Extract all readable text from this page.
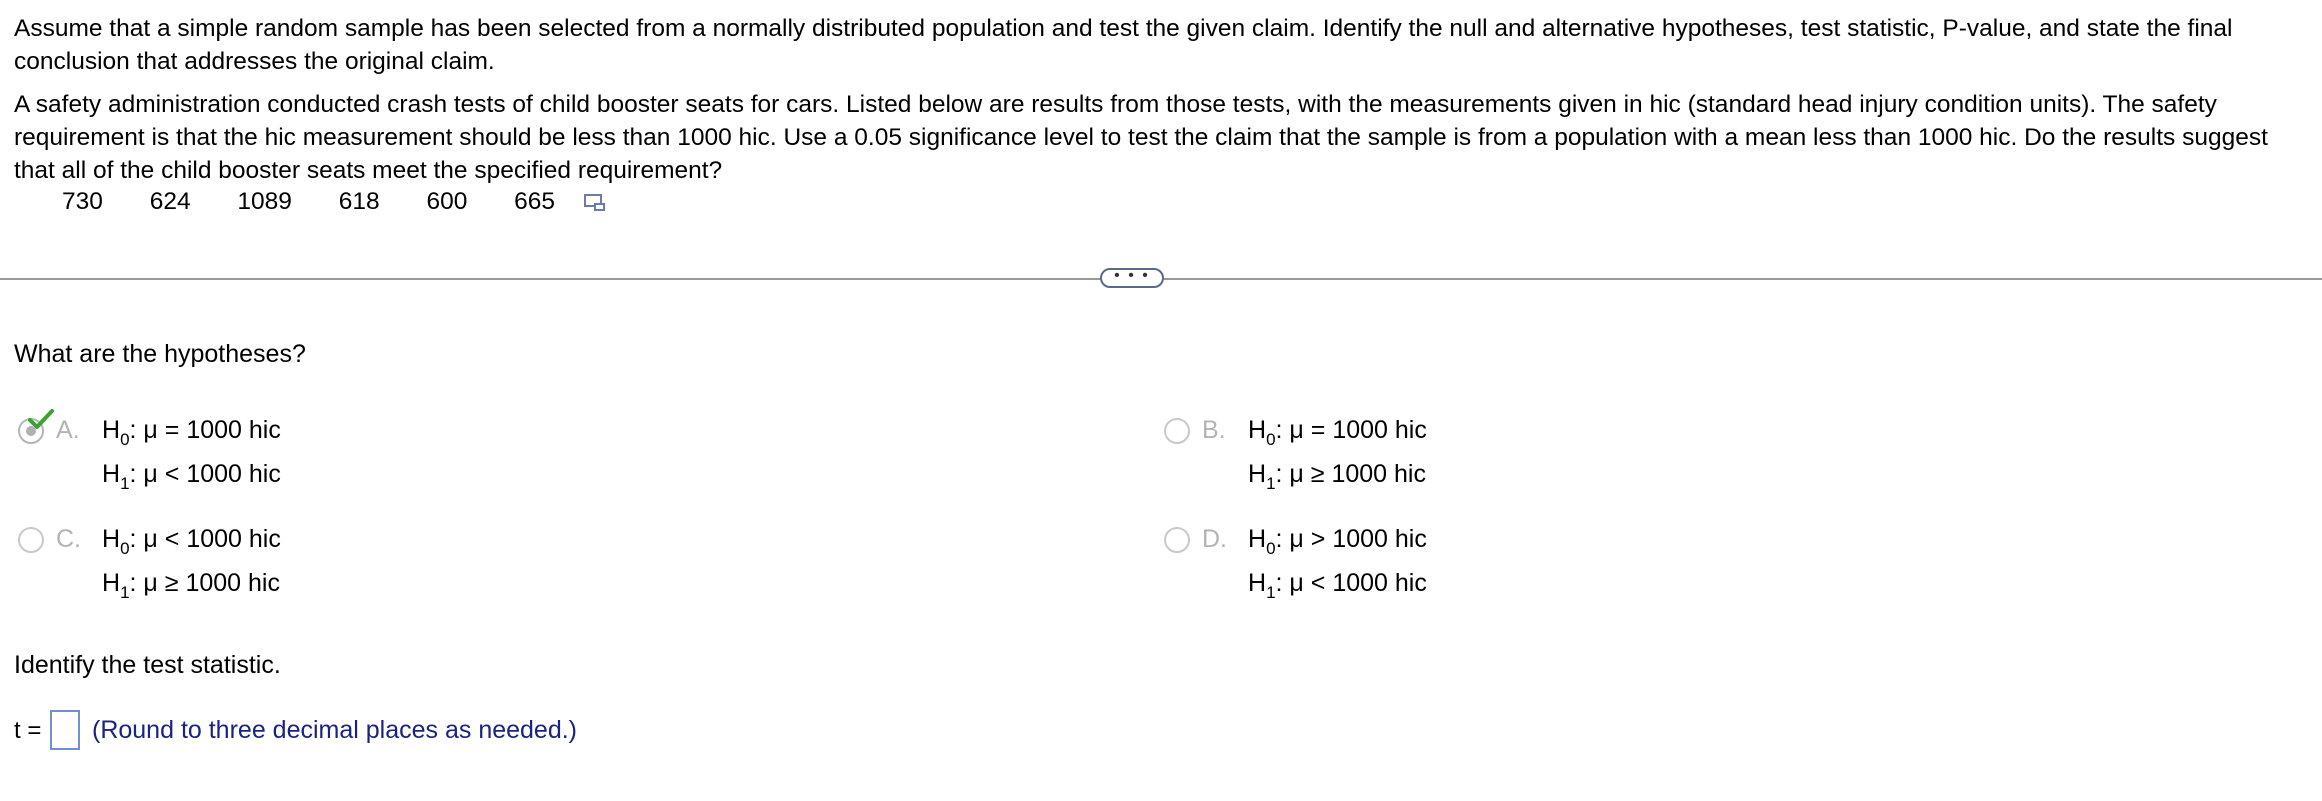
Assume that a simple random sample has been selected from a normally distributed population and test the given claim. Identify the null and alternative hypotheses, test statistic, P-value, and state the final conclusion that addresses the original claim.

A safety administration conducted crash tests of child booster seats for cars. Listed below are results from those tests, with the measurements given in hic (standard head injury condition units). The safety requirement is that the hic measurement should be less than 1000 hic. Use a 0.05 significance level to test the claim that the sample is from a population with a mean less than 1000 hic. Do the results suggest that all of the child booster seats meet the specified requirement?

730 624 1089 618 600 665
• • •
What are the hypotheses?
A. $H_0$: μ = 1000 hic
$H_1$: μ < 1000 hic
B. $H_0$: μ = 1000 hic
$H_1$: μ ≥ 1000 hic
C. $H_0$: μ < 1000 hic
$H_1$: μ ≥ 1000 hic
D. $H_0$: μ > 1000 hic
$H_1$: μ < 1000 hic
Identify the test statistic.
t = (Round to three decimal places as needed.)
